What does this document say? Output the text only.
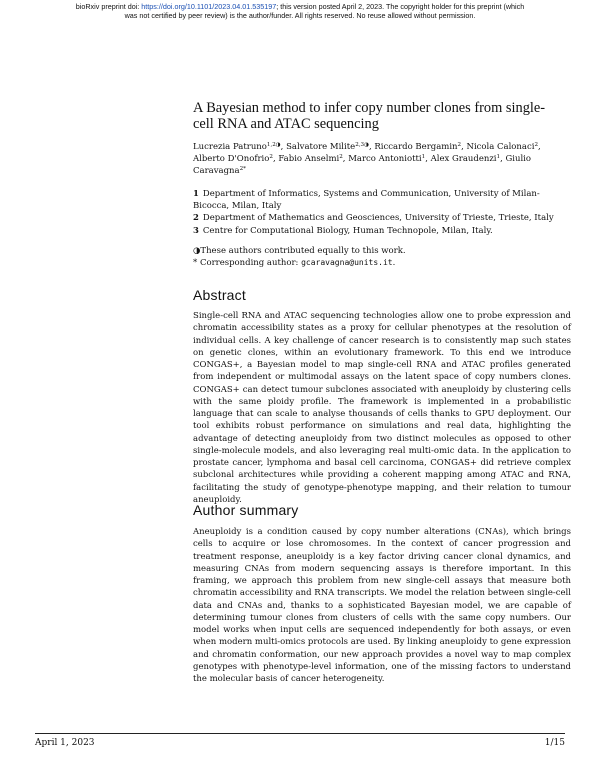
bioRxiv preprint doi: https://doi.org/10.1101/2023.04.01.535197; this version posted April 2, 2023. The copyright holder for this preprint (which
was not certified by peer review) is the author/funder. All rights reserved. No reuse allowed without permission.
A Bayesian method to infer copy number clones from single-cell RNA and ATAC sequencing
Lucrezia Patruno$^{1,2◑}$, Salvatore Milite$^{2,3◑}$, Riccardo Bergamin$^2$, Nicola Calonaci$^2$,
Alberto D'Onofrio$^2$, Fabio Anselmi$^2$, Marco Antoniotti$^1$, Alex Graudenzi$^1$, Giulio Caravagna$^{2*}$
1 Department of Informatics, Systems and Communication, University of Milan-Bicocca, Milan, Italy
2 Department of Mathematics and Geosciences, University of Trieste, Trieste, Italy
3 Centre for Computational Biology, Human Technopole, Milan, Italy.
◑These authors contributed equally to this work.
* Corresponding author: gcaravagna@units.it.
Abstract
Single-cell RNA and ATAC sequencing technologies allow one to probe expression and chromatin accessibility states as a proxy for cellular phenotypes at the resolution of individual cells. A key challenge of cancer research is to consistently map such states on genetic clones, within an evolutionary framework. To this end we introduce CONGAS+, a Bayesian model to map single-cell RNA and ATAC profiles generated from independent or multimodal assays on the latent space of copy numbers clones. CONGAS+ can detect tumour subclones associated with aneuploidy by clustering cells with the same ploidy profile. The framework is implemented in a probabilistic language that can scale to analyse thousands of cells thanks to GPU deployment. Our tool exhibits robust performance on simulations and real data, highlighting the advantage of detecting aneuploidy from two distinct molecules as opposed to other single-molecule models, and also leveraging real multi-omic data. In the application to prostate cancer, lymphoma and basal cell carcinoma, CONGAS+ did retrieve complex subclonal architectures while providing a coherent mapping among ATAC and RNA, facilitating the study of genotype-phenotype mapping, and their relation to tumour aneuploidy.
Author summary
Aneuploidy is a condition caused by copy number alterations (CNAs), which brings cells to acquire or lose chromosomes. In the context of cancer progression and treatment response, aneuploidy is a key factor driving cancer clonal dynamics, and measuring CNAs from modern sequencing assays is therefore important. In this framing, we approach this problem from new single-cell assays that measure both chromatin accessibility and RNA transcripts. We model the relation between single-cell data and CNAs and, thanks to a sophisticated Bayesian model, we are capable of determining tumour clones from clusters of cells with the same copy numbers. Our model works when input cells are sequenced independently for both assays, or even when modern multi-omics protocols are used. By linking aneuploidy to gene expression and chromatin conformation, our new approach provides a novel way to map complex genotypes with phenotype-level information, one of the missing factors to understand the molecular basis of cancer heterogeneity.
April 1, 2023	1/15
